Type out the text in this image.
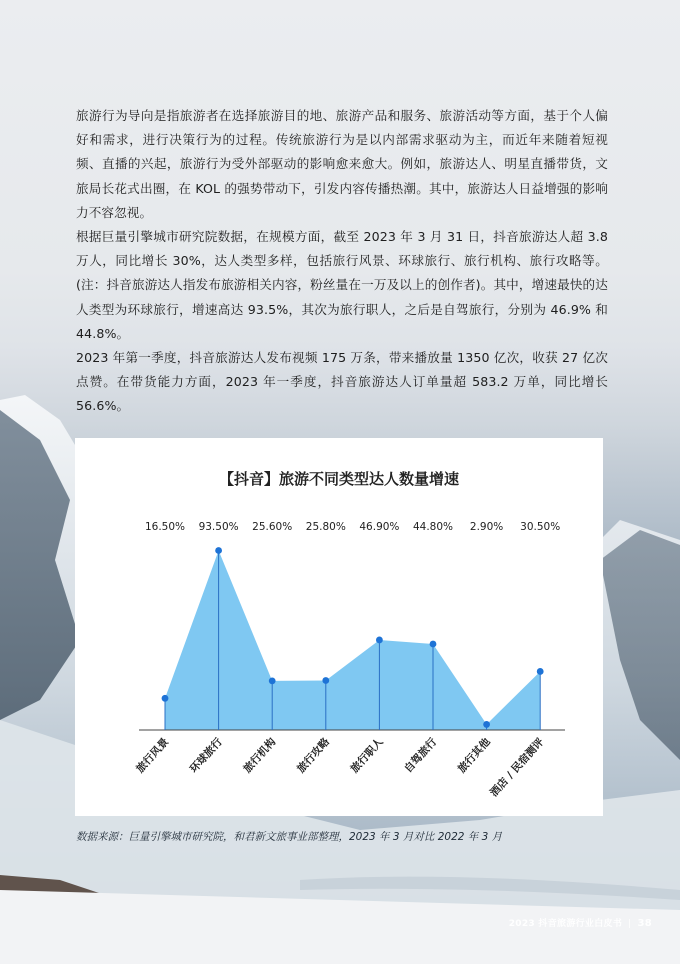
旅游行为导向是指旅游者在选择旅游目的地、旅游产品和服务、旅游活动等方面，基于个人偏好和需求，进行决策行为的过程。传统旅游行为是以内部需求驱动为主，而近年来随着短视频、直播的兴起，旅游行为受外部驱动的影响愈来愈大。例如，旅游达人、明星直播带货，文旅局长花式出圈，在 KOL 的强势带动下，引发内容传播热潮。其中，旅游达人日益增强的影响力不容忽视。

根据巨量引擎城市研究院数据，在规模方面，截至 2023 年 3 月 31 日，抖音旅游达人超 3.8 万人，同比增长 30%，达人类型多样，包括旅行风景、环球旅行、旅行机构、旅行攻略等。(注：抖音旅游达人指发布旅游相关内容，粉丝量在一万及以上的创作者)。其中，增速最快的达人类型为环球旅行，增速高达 93.5%，其次为旅行职人，之后是自驾旅行，分别为 46.9% 和 44.8%。

2023 年第一季度，抖音旅游达人发布视频 175 万条，带来播放量 1350 亿次，收获 27 亿次点赞。在带货能力方面，2023 年一季度，抖音旅游达人订单量超 583.2 万单，同比增长 56.6%。

【抖音】旅游不同类型达人数量增速
16.50%
旅行风景
93.50%
环球旅行
25.60%
旅行机构
25.80%
旅行攻略
46.90%
旅行职人
44.80%
自驾旅行
2.90%
旅行其他
30.50%
酒店 / 民宿测评
数据来源：巨量引擎城市研究院，和君新文旅事业部整理，2023 年 3 月对比 2022 年 3 月
2023 抖音旅游行业白皮书 | 38
